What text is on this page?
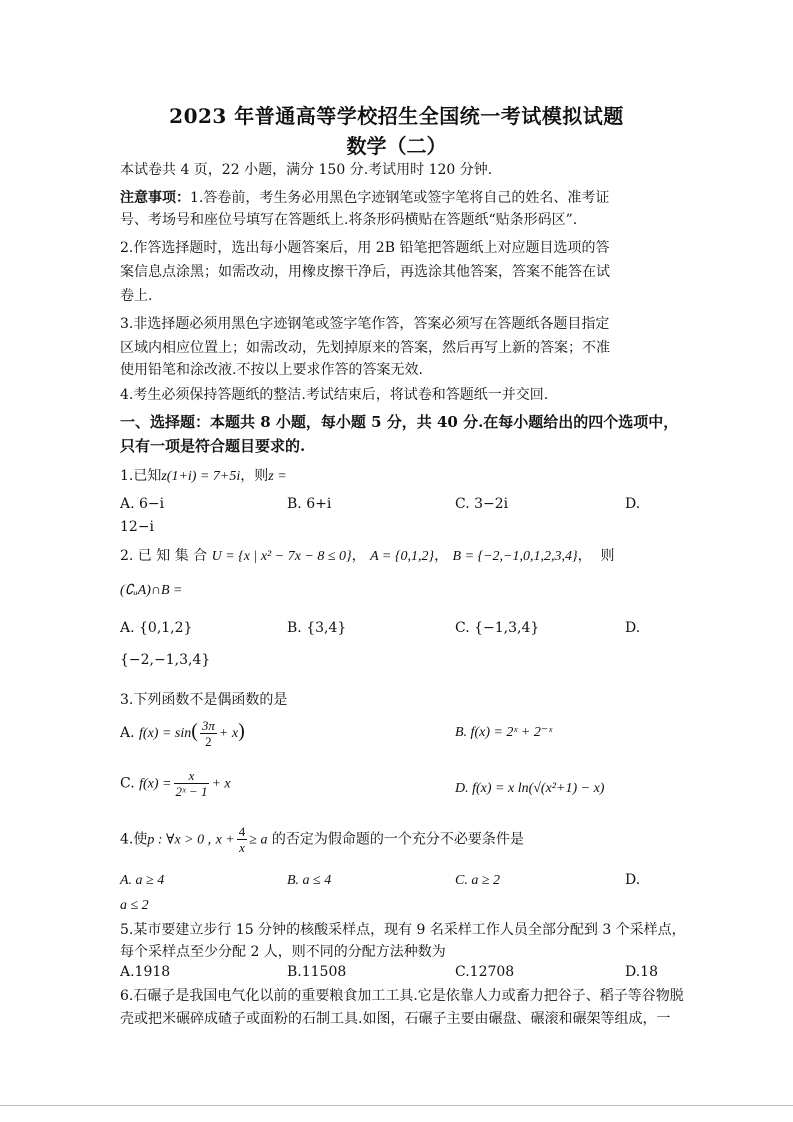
2023 年普通高等学校招生全国统一考试模拟试题
数学（二）
本试卷共 4 页，22 小题，满分 150 分.考试用时 120 分钟.
注意事项：1.答卷前，考生务必用黑色字迹钢笔或签字笔将自己的姓名、准考证
号、考场号和座位号填写在答题纸上.将条形码横贴在答题纸“贴条形码区”.
2.作答选择题时，选出每小题答案后，用 2B 铅笔把答题纸上对应题目选项的答
案信息点涂黑；如需改动，用橡皮擦干净后，再选涂其他答案，答案不能答在试
卷上.
3.非选择题必须用黑色字迹钢笔或签字笔作答，答案必须写在答题纸各题目指定
区域内相应位置上；如需改动，先划掉原来的答案，然后再写上新的答案；不准
使用铅笔和涂改液.不按以上要求作答的答案无效.
4.考生必须保持答题纸的整洁.考试结束后，将试卷和答题纸一并交回.
一、选择题：本题共 8 小题，每小题 5 分，共 40 分.在每小题给出的四个选项中，
只有一项是符合题目要求的.
1.已知z(1+i) = 7+5i，则z =
A. 6−i	B. 6+i	C. 3−2i	D.
12−i
2. 已 知 集 合 U = {x | x² − 7x − 8 ≤ 0}， A = {0,1,2}， B = {−2,−1,0,1,2,3,4}，  则
(∁ᵤA)∩B =
A. {0,1,2}	B. {3,4}	C. {−1,3,4}	D.
{−2,−1,3,4}
3.下列函数不是偶函数的是
A. $f(x) = \sin( \frac{3\pi}{2} + x)$	B. f(x) = 2ˣ + 2⁻ˣ
C. $f(x) = \frac{x}{\text{2ˣ − 1}} + x$	D. f(x) = x ln(√(x²+1) − x)
4.使p : ∀x > 0 , $x + \frac{4}{x} \ge a$ 的否定为假命题的一个充分不必要条件是
A. a ≥ 4	B. a ≤ 4	C. a ≥ 2	D.
a ≤ 2
5.某市要建立步行 15 分钟的核酸采样点，现有 9 名采样工作人员全部分配到 3 个采样点，
每个采样点至少分配 2 人，则不同的分配方法种数为
A.1918	B.11508	C.12708	D.18
6.石碾子是我国电气化以前的重要粮食加工工具.它是依靠人力或畜力把谷子、稻子等谷物脱
壳或把米碾碎成碴子或面粉的石制工具.如图，石碾子主要由碾盘、碾滚和碾架等组成，一
